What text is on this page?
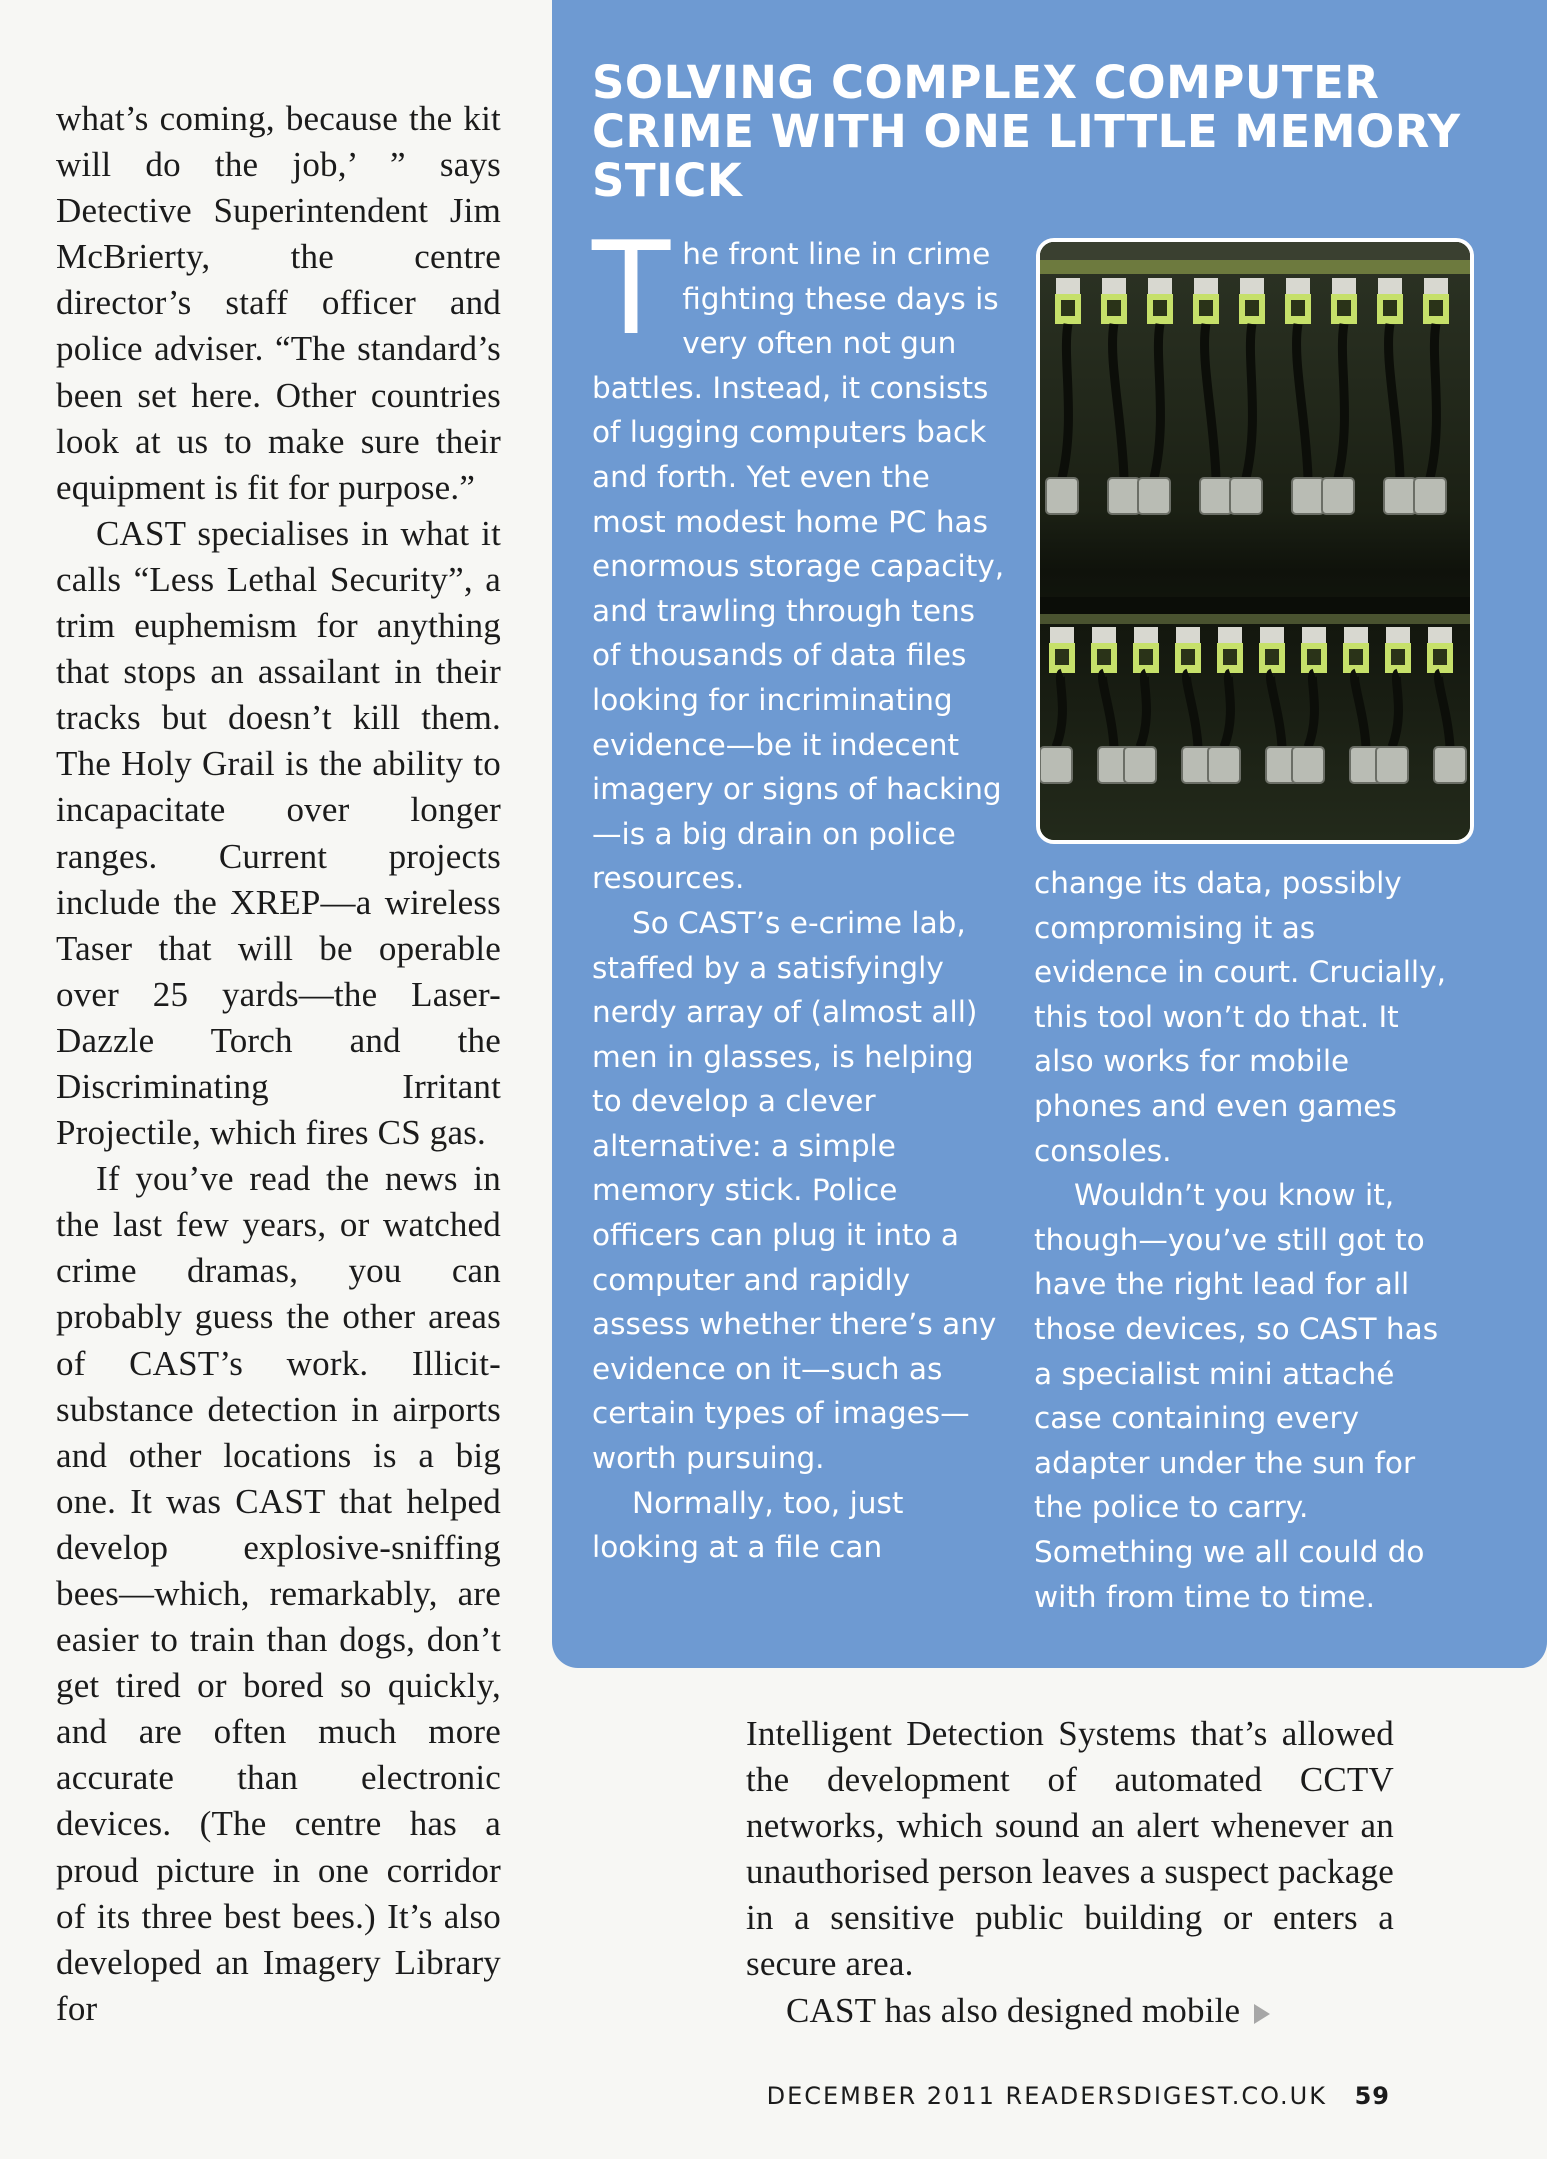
what’s coming, because the kit will do the job,’ ” says Detective Superintendent Jim McBrierty, the centre director’s staff officer and police adviser. “The standard’s been set here. Other countries look at us to make sure their equipment is fit for purpose.”

CAST specialises in what it calls “Less Lethal Security”, a trim euphemism for anything that stops an assailant in their tracks but doesn’t kill them. The Holy Grail is the ability to incapacitate over longer ranges. Current projects include the XREP—a wireless Taser that will be operable over 25 yards—the Laser-Dazzle Torch and the Discriminating Irritant Projectile, which fires CS gas.

If you’ve read the news in the last few years, or watched crime dramas, you can probably guess the other areas of CAST’s work. Illicit-substance detection in airports and other locations is a big one. It was CAST that helped develop explosive-sniffing bees—which, remarkably, are easier to train than dogs, don’t get tired or bored so quickly, and are often much more accurate than electronic devices. (The centre has a proud picture in one corridor of its three best bees.) It’s also developed an Imagery Library for

SOLVING COMPLEX COMPUTER CRIME WITH ONE LITTLE MEMORY STICK

The front line in crime fighting these days is very often not gun battles. Instead, it consists of lugging computers back and forth. Yet even the most modest home PC has enormous storage capacity, and trawling through tens of thousands of data files looking for incriminating evidence—be it indecent imagery or signs of hacking—is a big drain on police resources.

So CAST’s e-crime lab, staffed by a satisfyingly nerdy array of (almost all) men in glasses, is helping to develop a clever alternative: a simple memory stick. Police officers can plug it into a computer and rapidly assess whether there’s any evidence on it—such as certain types of images—worth pursuing.

Normally, too, just looking at a file can

change its data, possibly compromising it as evidence in court. Crucially, this tool won’t do that. It also works for mobile phones and even games consoles.

Wouldn’t you know it, though—you’ve still got to have the right lead for all those devices, so CAST has a specialist mini attaché case containing every adapter under the sun for the police to carry. Something we all could do with from time to time.

Intelligent Detection Systems that’s allowed the development of automated CCTV networks, which sound an alert whenever an unauthorised person leaves a suspect package in a sensitive public building or enters a secure area.

CAST has also designed mobile

DECEMBER 2011 READERSDIGEST.CO.UK 59
